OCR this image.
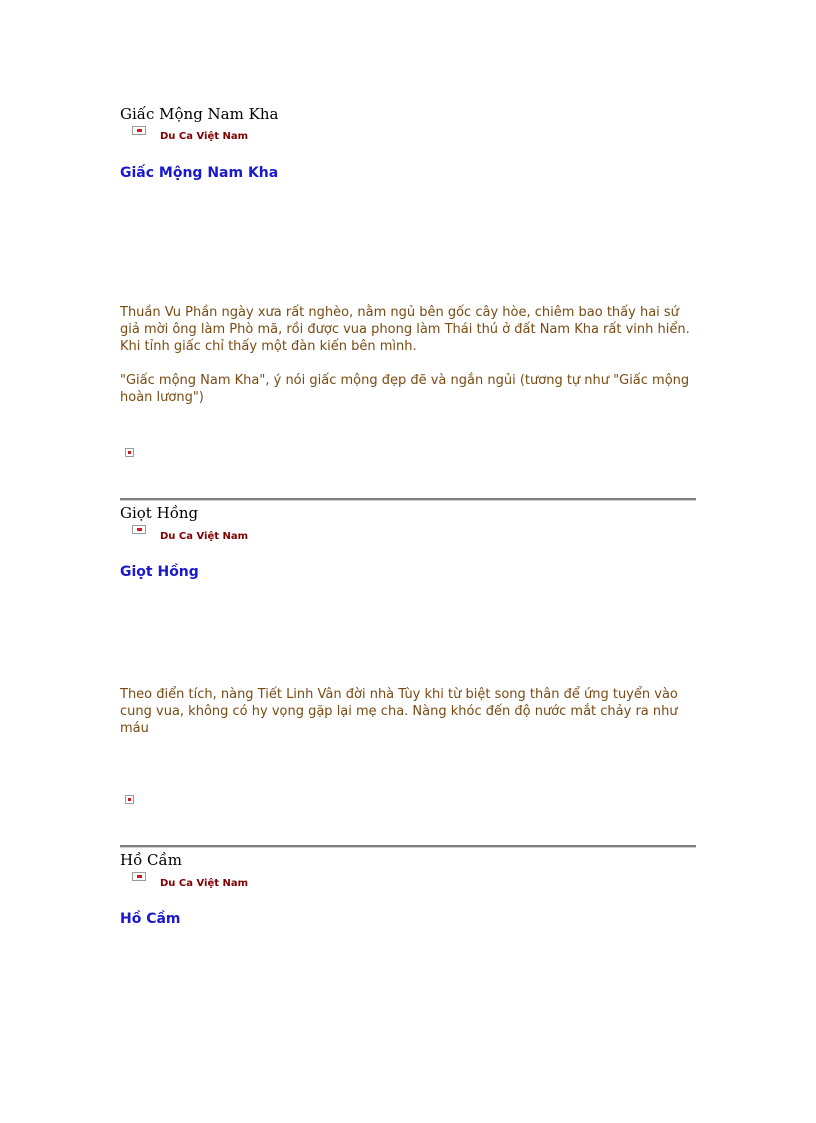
Giấc Mộng Nam Kha
Du Ca Việt Nam
Giấc Mộng Nam Kha

Thuần Vu Phần ngày xưa rất nghèo, nằm ngủ bên gốc cây hòe, chiêm bao thấy hai sứ giả mời ông làm Phò mã, rồi được vua phong làm Thái thú ở đất Nam Kha rất vinh hiển. Khi tỉnh giấc chỉ thấy một đàn kiến bên mình.

"Giấc mộng Nam Kha", ý nói giấc mộng đẹp đẽ và ngắn ngủi (tương tự như "Giấc mộng hoàn lương")

Giọt Hồng
Du Ca Việt Nam
Giọt Hồng

Theo điển tích, nàng Tiết Linh Vân đời nhà Tùy khi từ biệt song thân để ứng tuyển vào cung vua, không có hy vọng gặp lại mẹ cha. Nàng khóc đến độ nước mắt chảy ra như máu

Hồ Cầm
Du Ca Việt Nam
Hồ Cầm
